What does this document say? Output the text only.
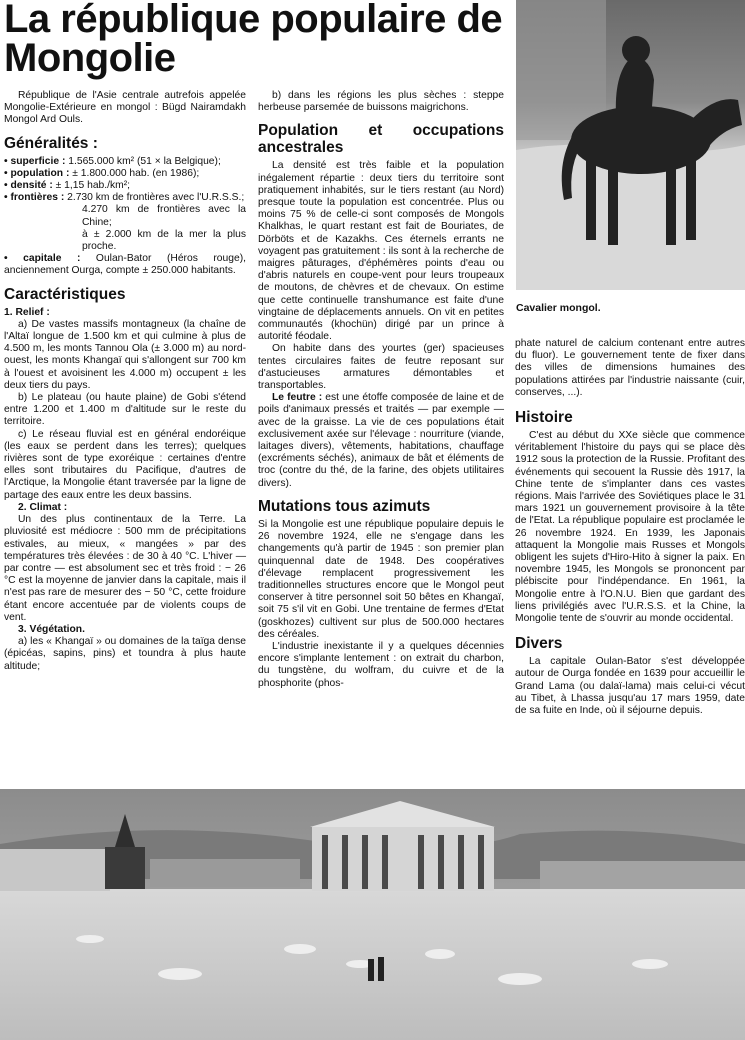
La république populaire de Mongolie
Cavalier mongol.

République de l'Asie centrale autrefois appelée Mongolie-Extérieure en mongol : Bügd Nairamdakh Mongol Ard Ouls.

Généralités :

• superficie : 1.565.000 km² (51 × la Belgique);

• population : ± 1.800.000 hab. (en 1986);

• densité : ± 1,15 hab./km²;

• frontières : 2.730 km de frontières avec l'U.R.S.S.;

4.270 km de frontières avec la Chine;

à ± 2.000 km de la mer la plus proche.

• capitale : Oulan-Bator (Héros rouge), anciennement Ourga, compte ± 250.000 habitants.

Caractéristiques

1. Relief :

a) De vastes massifs montagneux (la chaîne de l'Altaï longue de 1.500 km et qui culmine à plus de 4.500 m, les monts Tannou Ola (± 3.000 m) au nord-ouest, les monts Khangaï qui s'allongent sur 700 km à l'ouest et avoisinent les 4.000 m) occupent ± les deux tiers du pays.

b) Le plateau (ou haute plaine) de Gobi s'étend entre 1.200 et 1.400 m d'altitude sur le reste du territoire.

c) Le réseau fluvial est en général endoréique (les eaux se perdent dans les terres); quelques rivières sont de type exoréique : certaines d'entre elles sont tributaires du Pacifique, d'autres de l'Arctique, la Mongolie étant traversée par la ligne de partage des eaux entre les deux bassins.

2. Climat :

Un des plus continentaux de la Terre. La pluviosité est médiocre : 500 mm de précipitations estivales, au mieux, « mangées » par des températures très élevées : de 30 à 40 °C. L'hiver — par contre — est absolument sec et très froid : − 26 °C est la moyenne de janvier dans la capitale, mais il n'est pas rare de mesurer des − 50 °C, cette froidure étant encore accentuée par de violents coups de vent.

3. Végétation.

a) les « Khangaï » ou domaines de la taïga dense (épicéas, sapins, pins) et toundra à plus haute altitude;

b) dans les régions les plus sèches : steppe herbeuse parsemée de buissons maigrichons.

Population et occupations ancestrales

La densité est très faible et la population inégalement répartie : deux tiers du territoire sont pratiquement inhabités, sur le tiers restant (au Nord) presque toute la population est concentrée. Plus ou moins 75 % de celle-ci sont composés de Mongols Khalkhas, le quart restant est fait de Bouriates, de Dörböts et de Kazakhs. Ces éternels errants ne voyagent pas gratuitement : ils sont à la recherche de maigres pâturages, d'éphémères points d'eau ou d'abris naturels en coupe-vent pour leurs troupeaux de moutons, de chèvres et de chevaux. On estime que cette continuelle transhumance est faite d'une vingtaine de déplacements annuels. On vit en petites communautés (khochün) dirigé par un prince à autorité féodale.

On habite dans des yourtes (ger) spacieuses tentes circulaires faites de feutre reposant sur d'astucieuses armatures démontables et transportables.

Le feutre : est une étoffe composée de laine et de poils d'animaux pressés et traités — par exemple — avec de la graisse. La vie de ces populations était exclusivement axée sur l'élevage : nourriture (viande, laitages divers), vêtements, habitations, chauffage (excréments séchés), animaux de bât et éléments de troc (contre du thé, de la farine, des objets utilitaires divers).

Mutations tous azimuts

Si la Mongolie est une république populaire depuis le 26 novembre 1924, elle ne s'engage dans les changements qu'à partir de 1945 : son premier plan quinquennal date de 1948. Des coopératives d'élevage remplacent progressivement les traditionnelles structures encore que le Mongol peut conserver à titre personnel soit 50 bêtes en Khangaï, soit 75 s'il vit en Gobi. Une trentaine de fermes d'Etat (goskhozes) cultivent sur plus de 500.000 hectares des céréales.

L'industrie inexistante il y a quelques décennies encore s'implante lentement : on extrait du charbon, du tungstène, du wolfram, du cuivre et de la phosphorite (phos-

phate naturel de calcium contenant entre autres du fluor). Le gouvernement tente de fixer dans des villes de dimensions humaines des populations attirées par l'industrie naissante (cuir, conserves, ...).

Histoire

C'est au début du XXe siècle que commence véritablement l'histoire du pays qui se place dès 1912 sous la protection de la Russie. Profitant des événements qui secouent la Russie dès 1917, la Chine tente de s'implanter dans ces vastes régions. Mais l'arrivée des Soviétiques place le 31 mars 1921 un gouvernement provisoire à la tête de l'Etat. La république populaire est proclamée le 26 novembre 1924. En 1939, les Japonais attaquent la Mongolie mais Russes et Mongols obligent les sujets d'Hiro-Hito à signer la paix. En novembre 1945, les Mongols se prononcent par plébiscite pour l'indépendance. En 1961, la Mongolie entre à l'O.N.U. Bien que gardant des liens privilégiés avec l'U.R.S.S. et la Chine, la Mongolie tente de s'ouvrir au monde occidental.

Divers

La capitale Oulan-Bator s'est développée autour de Ourga fondée en 1639 pour accueillir le Grand Lama (ou dalaï-lama) mais celui-ci vécut au Tibet, à Lhassa jusqu'au 17 mars 1959, date de sa fuite en Inde, où il séjourne depuis.
